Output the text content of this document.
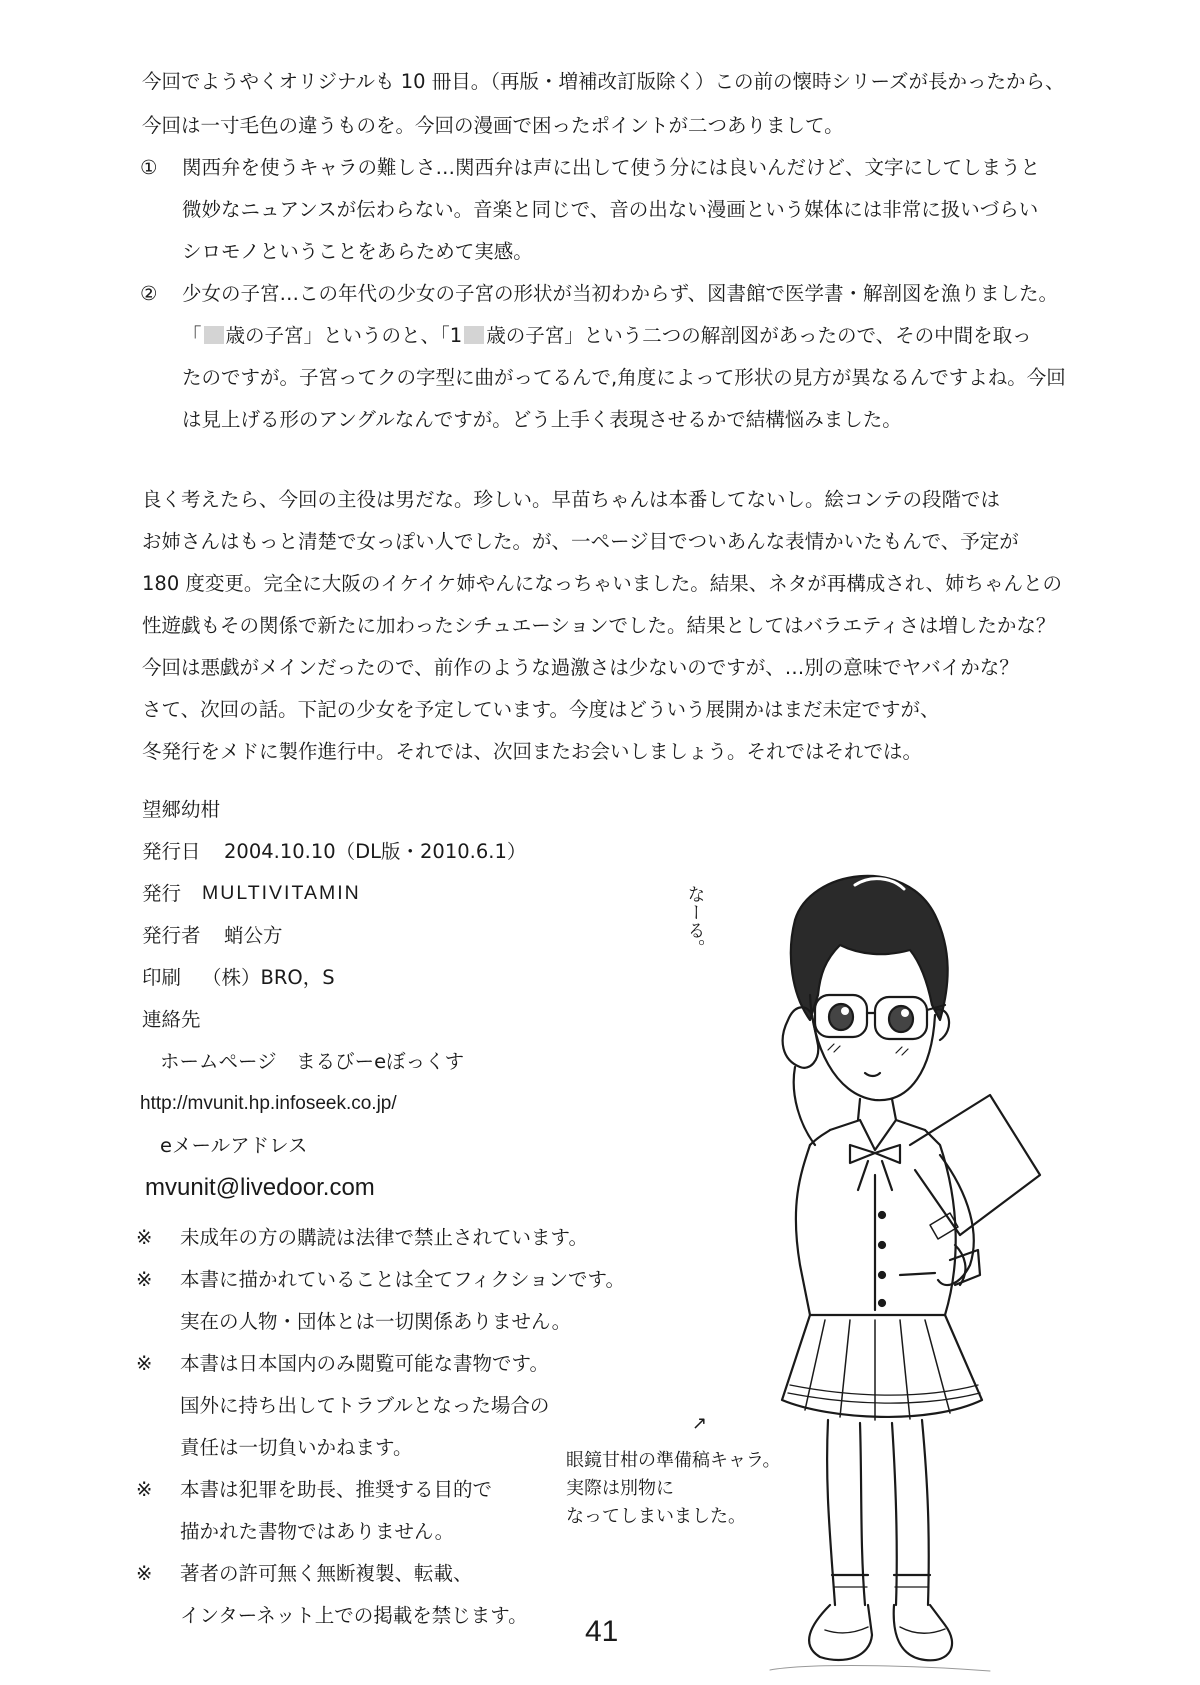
今回でようやくオリジナルも 10 冊目。（再版・増補改訂版除く）この前の懐時シリーズが長かったから、
今回は一寸毛色の違うものを。今回の漫画で困ったポイントが二つありまして。
① 関西弁を使うキャラの難しさ…関西弁は声に出して使う分には良いんだけど、文字にしてしまうと
微妙なニュアンスが伝わらない。音楽と同じで、音の出ない漫画という媒体には非常に扱いづらい
シロモノということをあらためて実感。
② 少女の子宮…この年代の少女の子宮の形状が当初わからず、図書館で医学書・解剖図を漁りました。
「 歳の子宮」というのと、「1 歳の子宮」という二つの解剖図があったので、その中間を取っ
たのですが。子宮ってクの字型に曲がってるんで,角度によって形状の見方が異なるんですよね。今回
は見上げる形のアングルなんですが。どう上手く表現させるかで結構悩みました。
良く考えたら、今回の主役は男だな。珍しい。早苗ちゃんは本番してないし。絵コンテの段階では
お姉さんはもっと清楚で女っぽい人でした。が、一ページ目でついあんな表情かいたもんで、予定が
180 度変更。完全に大阪のイケイケ姉やんになっちゃいました。結果、ネタが再構成され、姉ちゃんとの
性遊戯もその関係で新たに加わったシチュエーションでした。結果としてはバラエティさは増したかな？
今回は悪戯がメインだったので、前作のような過激さは少ないのですが、…別の意味でヤバイかな？
さて、次回の話。下記の少女を予定しています。今度はどういう展開かはまだ未定ですが、
冬発行をメドに製作進行中。それでは、次回またお会いしましょう。それではそれでは。
望郷幼柑
発行日 2004.10.10（DL版・2010.6.1）
発行 MULTIVITAMIN
発行者 蛸公方
印刷 （株）BRO，S
連絡先
ホームページ　まるびーeぼっくす
http://mvunit.hp.infoseek.co.jp/
eメールアドレス
mvunit@livedoor.com
※ 未成年の方の購読は法律で禁止されています。
※ 本書に描かれていることは全てフィクションです。
実在の人物・団体とは一切関係ありません。
※ 本書は日本国内のみ閲覧可能な書物です。
国外に持ち出してトラブルとなった場合の
責任は一切負いかねます。
※ 本書は犯罪を助長、推奨する目的で
描かれた書物ではありません。
※ 著者の許可無く無断複製、転載、
インターネット上での掲載を禁じます。
なーる。
↗
眼鏡甘柑の準備稿キャラ。
実際は別物に
なってしまいました。
41
